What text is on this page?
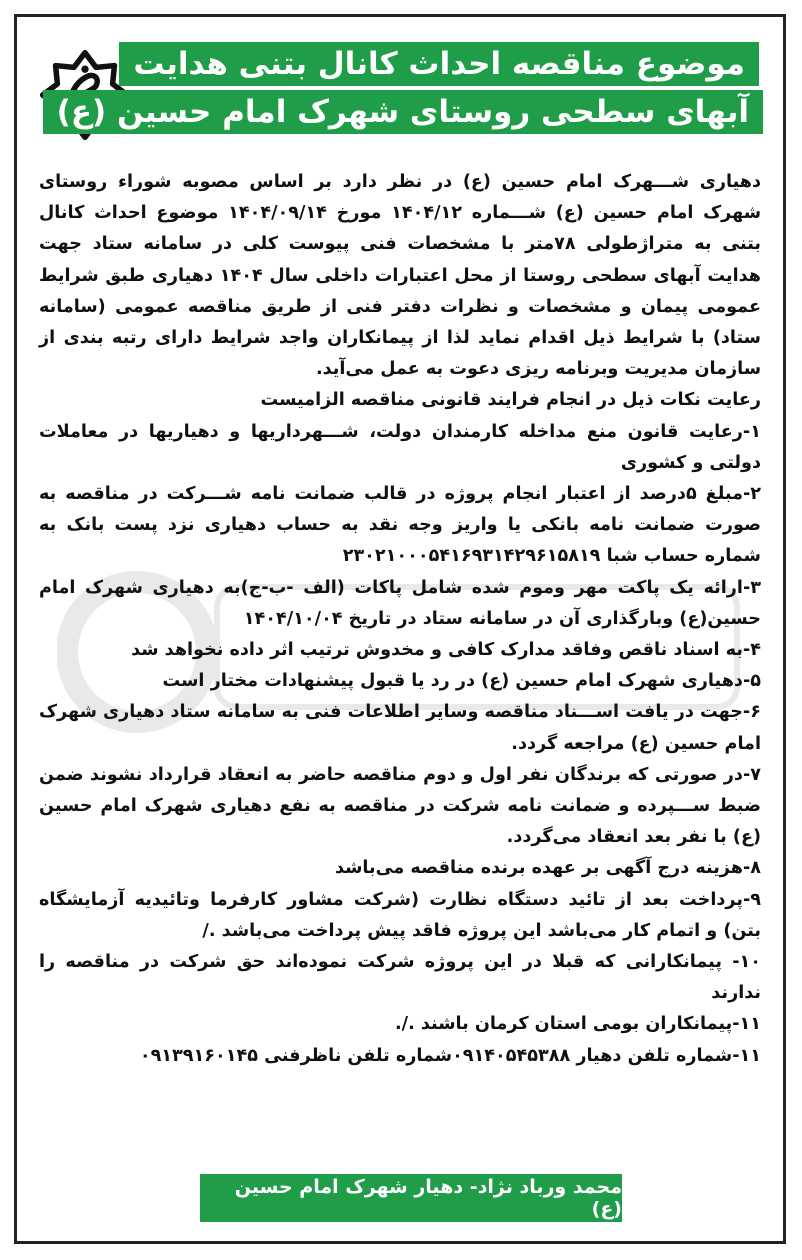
موضوع مناقصه احداث کانال بتنی هدایت
آبهای سطحی روستای شهرک امام حسین (ع)

دهیاری شـــهرک امام حسین (ع) در نظر دارد بر اساس مصوبه شوراء روستای شهرک امام حسین (ع) شـــماره ۱۴۰۴/۱۲ مورخ ۱۴۰۴/۰۹/۱۴ موضوع احداث کانال بتنی به متراژطولی ۷۸متر با مشخصات فنی پیوست کلی در سامانه ستاد جهت هدایت آبهای سطحی روستا از محل اعتبارات داخلی سال ۱۴۰۴ دهیاری طبق شرایط عمومی پیمان و مشخصات و نظرات دفتر فنی از طریق مناقصه عمومی (سامانه ستاد) با شرایط ذیل اقدام نماید لذا از پیمانکاران واجد شرایط دارای رتبه بندی از سازمان مدیریت وبرنامه ریزی دعوت به عمل می‌آید.

رعایت نکات ذیل در انجام فرایند قانونی مناقصه الزامیست

۱-رعایت قانون منع مداخله کارمندان دولت، شـــهرداریها و دهیاریها در معاملات دولتی و کشوری

۲-مبلغ ۵درصد از اعتبار انجام پروژه در قالب ضمانت نامه شـــرکت در مناقصه به صورت ضمانت نامه بانکی یا واریز وجه نقد به حساب دهیاری نزد پست بانک به شماره حساب شبا ۲۳۰۲۱۰۰۰۵۴۱۶۹۳۱۴۲۹۶۱۵۸۱۹

۳-ارائه یک پاکت مهر وموم شده شامل پاکات (الف -ب-ج)به دهیاری شهرک امام حسین(ع) وبارگذاری آن در سامانه ستاد در تاریخ ۱۴۰۴/۱۰/۰۴

۴-به اسناد ناقص وفاقد مدارک کافی و مخدوش ترتیب اثر داده نخواهد شد

۵-دهیاری شهرک امام حسین (ع) در رد یا قبول پیشنهادات مختار است

۶-جهت در یافت اســـناد مناقصه وسایر اطلاعات فنی به سامانه ستاد دهیاری شهرک امام حسین (ع) مراجعه گردد.

۷-در صورتی که برندگان نفر اول و دوم مناقصه حاضر به انعقاد قرارداد نشوند ضمن ضبط ســـپرده و ضمانت نامه شرکت در مناقصه به نفع دهیاری شهرک امام حسین (ع) با نفر بعد انعقاد می‌گردد.

۸-هزینه درج آگهی بر عهده برنده مناقصه می‌باشد

۹-پرداخت بعد از تائید دستگاه نظارت (شرکت مشاور کارفرما وتائیدیه آزمایشگاه بتن) و اتمام کار می‌باشد این پروژه فاقد پیش پرداخت می‌باشد ./

۱۰- پیمانکارانی که قبلا در این پروژه شرکت نموده‌اند حق شرکت در مناقصه را ندارند

۱۱-پیمانکاران بومی استان کرمان باشند ./.

۱۱-شماره تلفن دهیار ۰۹۱۴۰۵۴۵۳۸۸شماره تلفن ناظرفنی ۰۹۱۳۹۱۶۰۱۴۵

محمد ورباد نژاد- دهیار شهرک امام حسین (ع)
